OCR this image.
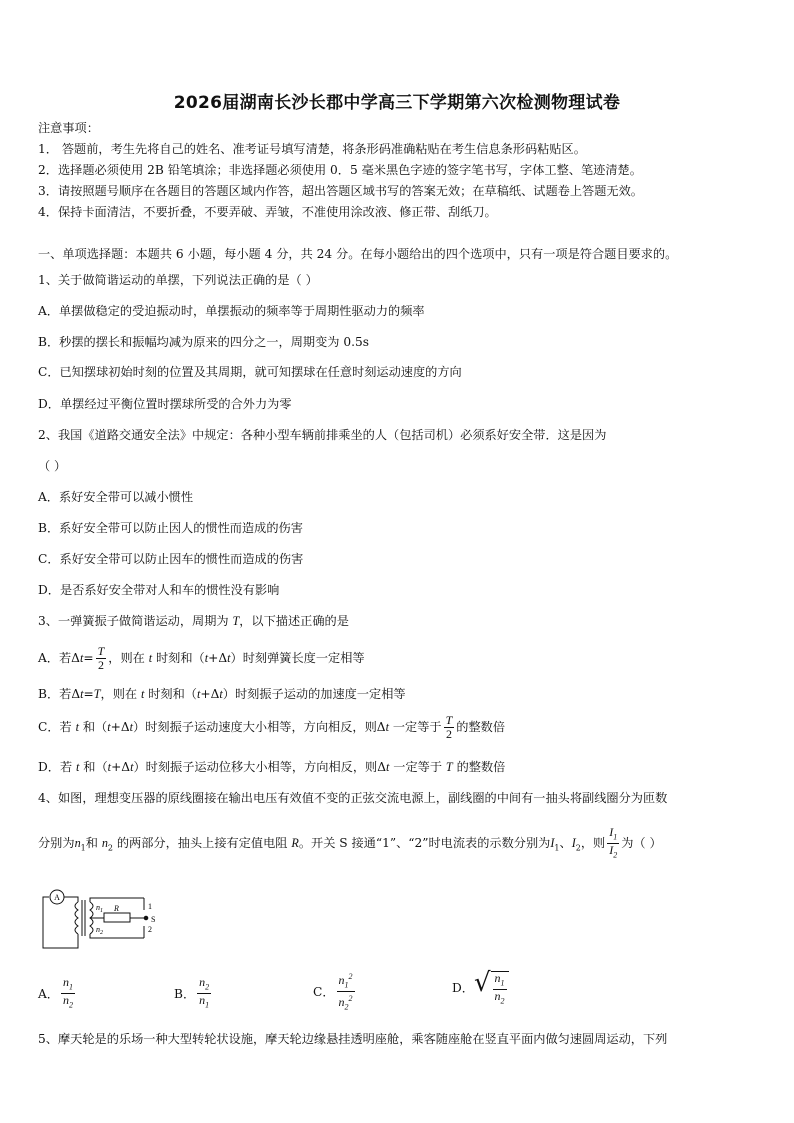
2026届湖南长沙长郡中学高三下学期第六次检测物理试卷
注意事项：
1． 答题前，考生先将自己的姓名、准考证号填写清楚，将条形码准确粘贴在考生信息条形码粘贴区。
2．选择题必须使用 2B 铅笔填涂；非选择题必须使用 0．5 毫米黑色字迹的签字笔书写，字体工整、笔迹清楚。
3．请按照题号顺序在各题目的答题区域内作答，超出答题区域书写的答案无效；在草稿纸、试题卷上答题无效。
4．保持卡面清洁，不要折叠，不要弄破、弄皱，不准使用涂改液、修正带、刮纸刀。
一、单项选择题：本题共 6 小题，每小题 4 分，共 24 分。在每小题给出的四个选项中，只有一项是符合题目要求的。
1、关于做简谐运动的单摆，下列说法正确的是（ ）
A．单摆做稳定的受迫振动时，单摆振动的频率等于周期性驱动力的频率
B．秒摆的摆长和振幅均减为原来的四分之一，周期变为 0.5s
C．已知摆球初始时刻的位置及其周期，就可知摆球在任意时刻运动速度的方向
D．单摆经过平衡位置时摆球所受的合外力为零
2、我国《道路交通安全法》中规定：各种小型车辆前排乘坐的人（包括司机）必须系好安全带．这是因为
（ ）
A．系好安全带可以减小惯性
B．系好安全带可以防止因人的惯性而造成的伤害
C．系好安全带可以防止因车的惯性而造成的伤害
D．是否系好安全带对人和车的惯性没有影响
3、一弹簧振子做简谐运动，周期为 T，以下描述正确的是
A．若$\Delta t= \frac{T}{2}$ ，则在 t 时刻和（t+Δt）时刻弹簧长度一定相等
B．若Δt=T，则在 t 时刻和（t+Δt）时刻振子运动的加速度一定相等
C．若 t 和（t+Δt）时刻振子运动速度大小相等，方向相反，则Δt 一定等于 $\frac{T}{2}$ 的整数倍
D．若 t 和（t+Δt）时刻振子运动位移大小相等，方向相反，则Δt 一定等于 T 的整数倍
4、如图，理想变压器的原线圈接在输出电压有效值不变的正弦交流电源上，副线圈的中间有一抽头将副线圈分为匝数
分别为$n_1$和 $n_2$ 的两部分，抽头上接有定值电阻 R。开关 S 接通“1”、“2”时电流表的示数分别为$I_1$、$I_2$，则 $\frac{I_1}{I_2}$ 为（ ）
A
$n_1$
$n_2$
R	1
S
2
A． $\frac{n_1}{n_2}$	B． $\frac{n_2}{n_1}$	C． $\frac{n_1^2}{n_2^2}$	D． √ $\frac{n_1}{n_2}$
5、摩天轮是的乐场一种大型转轮状设施，摩天轮边缘悬挂透明座舱，乘客随座舱在竖直平面内做匀速圆周运动，下列
